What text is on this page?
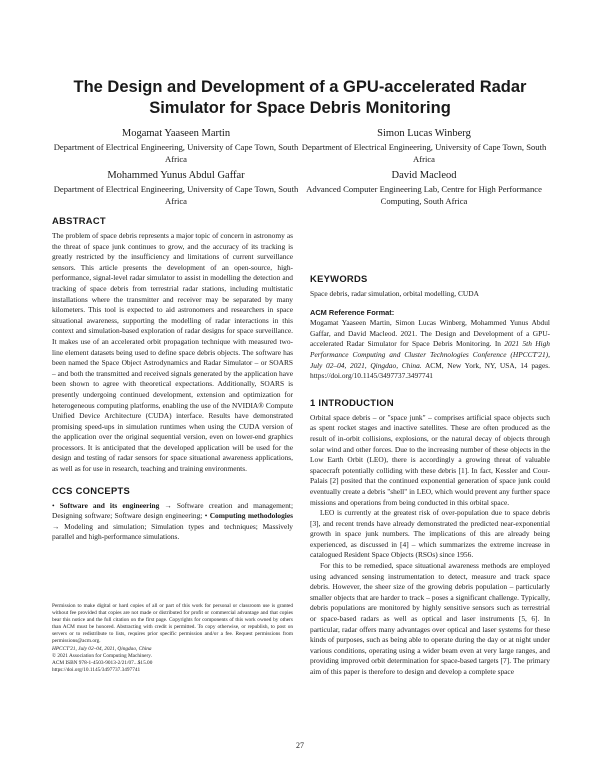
The Design and Development of a GPU-accelerated Radar Simulator for Space Debris Monitoring
Mogamat Yaaseen Martin
Department of Electrical Engineering, University of Cape Town, South Africa
Simon Lucas Winberg
Department of Electrical Engineering, University of Cape Town, South Africa
Mohammed Yunus Abdul Gaffar
Department of Electrical Engineering, University of Cape Town, South Africa
David Macleod
Advanced Computer Engineering Lab, Centre for High Performance Computing, South Africa
ABSTRACT

The problem of space debris represents a major topic of concern in astronomy as the threat of space junk continues to grow, and the accuracy of its tracking is greatly restricted by the insufficiency and limitations of current surveillance sensors. This article presents the development of an open-source, high-performance, signal-level radar simulator to assist in modelling the detection and tracking of space debris from terrestrial radar stations, including multistatic installations where the transmitter and receiver may be separated by many kilometers. This tool is expected to aid astronomers and researchers in space situational awareness, supporting the modelling of radar interactions in this context and simulation-based exploration of radar designs for space surveillance. It makes use of an accelerated orbit propagation technique with measured two-line element datasets being used to define space debris objects. The software has been named the Space Object Astrodynamics and Radar Simulator – or SOARS – and both the transmitted and received signals generated by the application have been shown to agree with theoretical expectations. Additionally, SOARS is presently undergoing continued development, extension and optimization for heterogeneous computing platforms, enabling the use of the NVIDIA® Compute Unified Device Architecture (CUDA) interface. Results have demonstrated promising speed-ups in simulation runtimes when using the CUDA version of the application over the original sequential version, even on lower-end graphics processors. It is anticipated that the developed application will be used for the design and testing of radar sensors for space situational awareness applications, as well as for use in research, teaching and training environments.

CCS CONCEPTS

• Software and its engineering → Software creation and management; Designing software; Software design engineering; • Computing methodologies → Modeling and simulation; Simulation types and techniques; Massively parallel and high-performance simulations.

Permission to make digital or hard copies of all or part of this work for personal or classroom use is granted without fee provided that copies are not made or distributed for profit or commercial advantage and that copies bear this notice and the full citation on the first page. Copyrights for components of this work owned by others than ACM must be honored. Abstracting with credit is permitted. To copy otherwise, or republish, to post on servers or to redistribute to lists, requires prior specific permission and/or a fee. Request permissions from permissions@acm.org.

HPCCT'21, July 02–04, 2021, Qingdao, China

© 2021 Association for Computing Machinery.

ACM ISBN 978-1-4503-9013-2/21/07...$15.00

https://doi.org/10.1145/3497737.3497741

KEYWORDS

Space debris, radar simulation, orbital modelling, CUDA

ACM Reference Format:

Mogamat Yaaseen Martin, Simon Lucas Winberg, Mohammed Yunus Abdul Gaffar, and David Macleod. 2021. The Design and Development of a GPU-accelerated Radar Simulator for Space Debris Monitoring. In 2021 5th High Performance Computing and Cluster Technologies Conference (HPCCT'21), July 02–04, 2021, Qingdao, China. ACM, New York, NY, USA, 14 pages. https://doi.org/10.1145/3497737.3497741

1 INTRODUCTION

Orbital space debris – or "space junk" – comprises artificial space objects such as spent rocket stages and inactive satellites. These are often produced as the result of in-orbit collisions, explosions, or the natural decay of objects through solar wind and other forces. Due to the increasing number of these objects in the Low Earth Orbit (LEO), there is accordingly a growing threat of valuable spacecraft potentially colliding with these debris [1]. In fact, Kessler and Cour-Palais [2] posited that the continued exponential generation of space junk could eventually create a debris "shell" in LEO, which would prevent any further space missions and operations from being conducted in this orbital space.

LEO is currently at the greatest risk of over-population due to space debris [3], and recent trends have already demonstrated the predicted near-exponential growth in space junk numbers. The implications of this are already being experienced, as discussed in [4] – which summarizes the extreme increase in catalogued Resident Space Objects (RSOs) since 1956.

For this to be remedied, space situational awareness methods are employed using advanced sensing instrumentation to detect, measure and track space debris. However, the sheer size of the growing debris population – particularly smaller objects that are harder to track – poses a significant challenge. Typically, debris populations are monitored by highly sensitive sensors such as terrestrial or space-based radars as well as optical and laser instruments [5, 6]. In particular, radar offers many advantages over optical and laser systems for these kinds of purposes, such as being able to operate during the day or at night under various conditions, operating using a wider beam even at very large ranges, and providing improved orbit determination for space-based targets [7]. The primary aim of this paper is therefore to design and develop a complete space

27
